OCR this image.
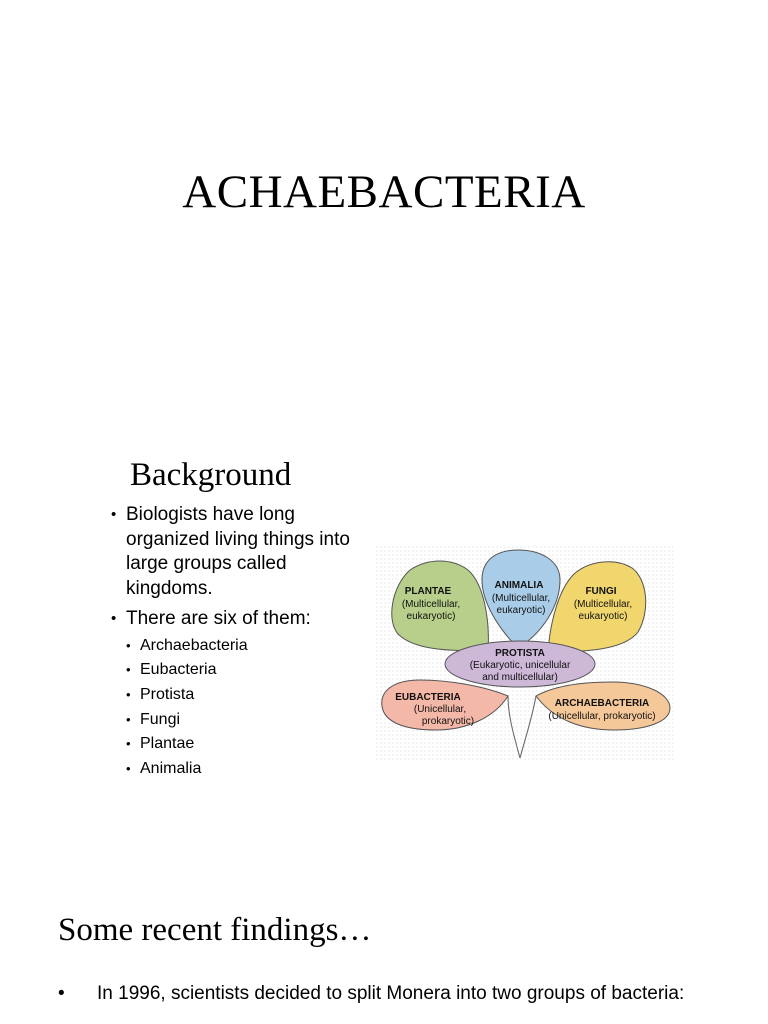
ACHAEBACTERIA
Background
• Biologists have long organized living things into large groups called kingdoms.
• There are six of them:
• Archaebacteria
• Eubacteria
• Protista
• Fungi
• Plantae
• Animalia
PLANTAE
(Multicellular,
eukaryotic)
ANIMALIA
(Multicellular,
eukaryotic)
FUNGI
(Multicellular,
eukaryotic)
PROTISTA
(Eukaryotic, unicellular
and multicellular)
EUBACTERIA
(Unicellular,
prokaryotic)
ARCHAEBACTERIA
(Unicellular, prokaryotic)
Some recent findings…
• In 1996, scientists decided to split Monera into two groups of bacteria:
